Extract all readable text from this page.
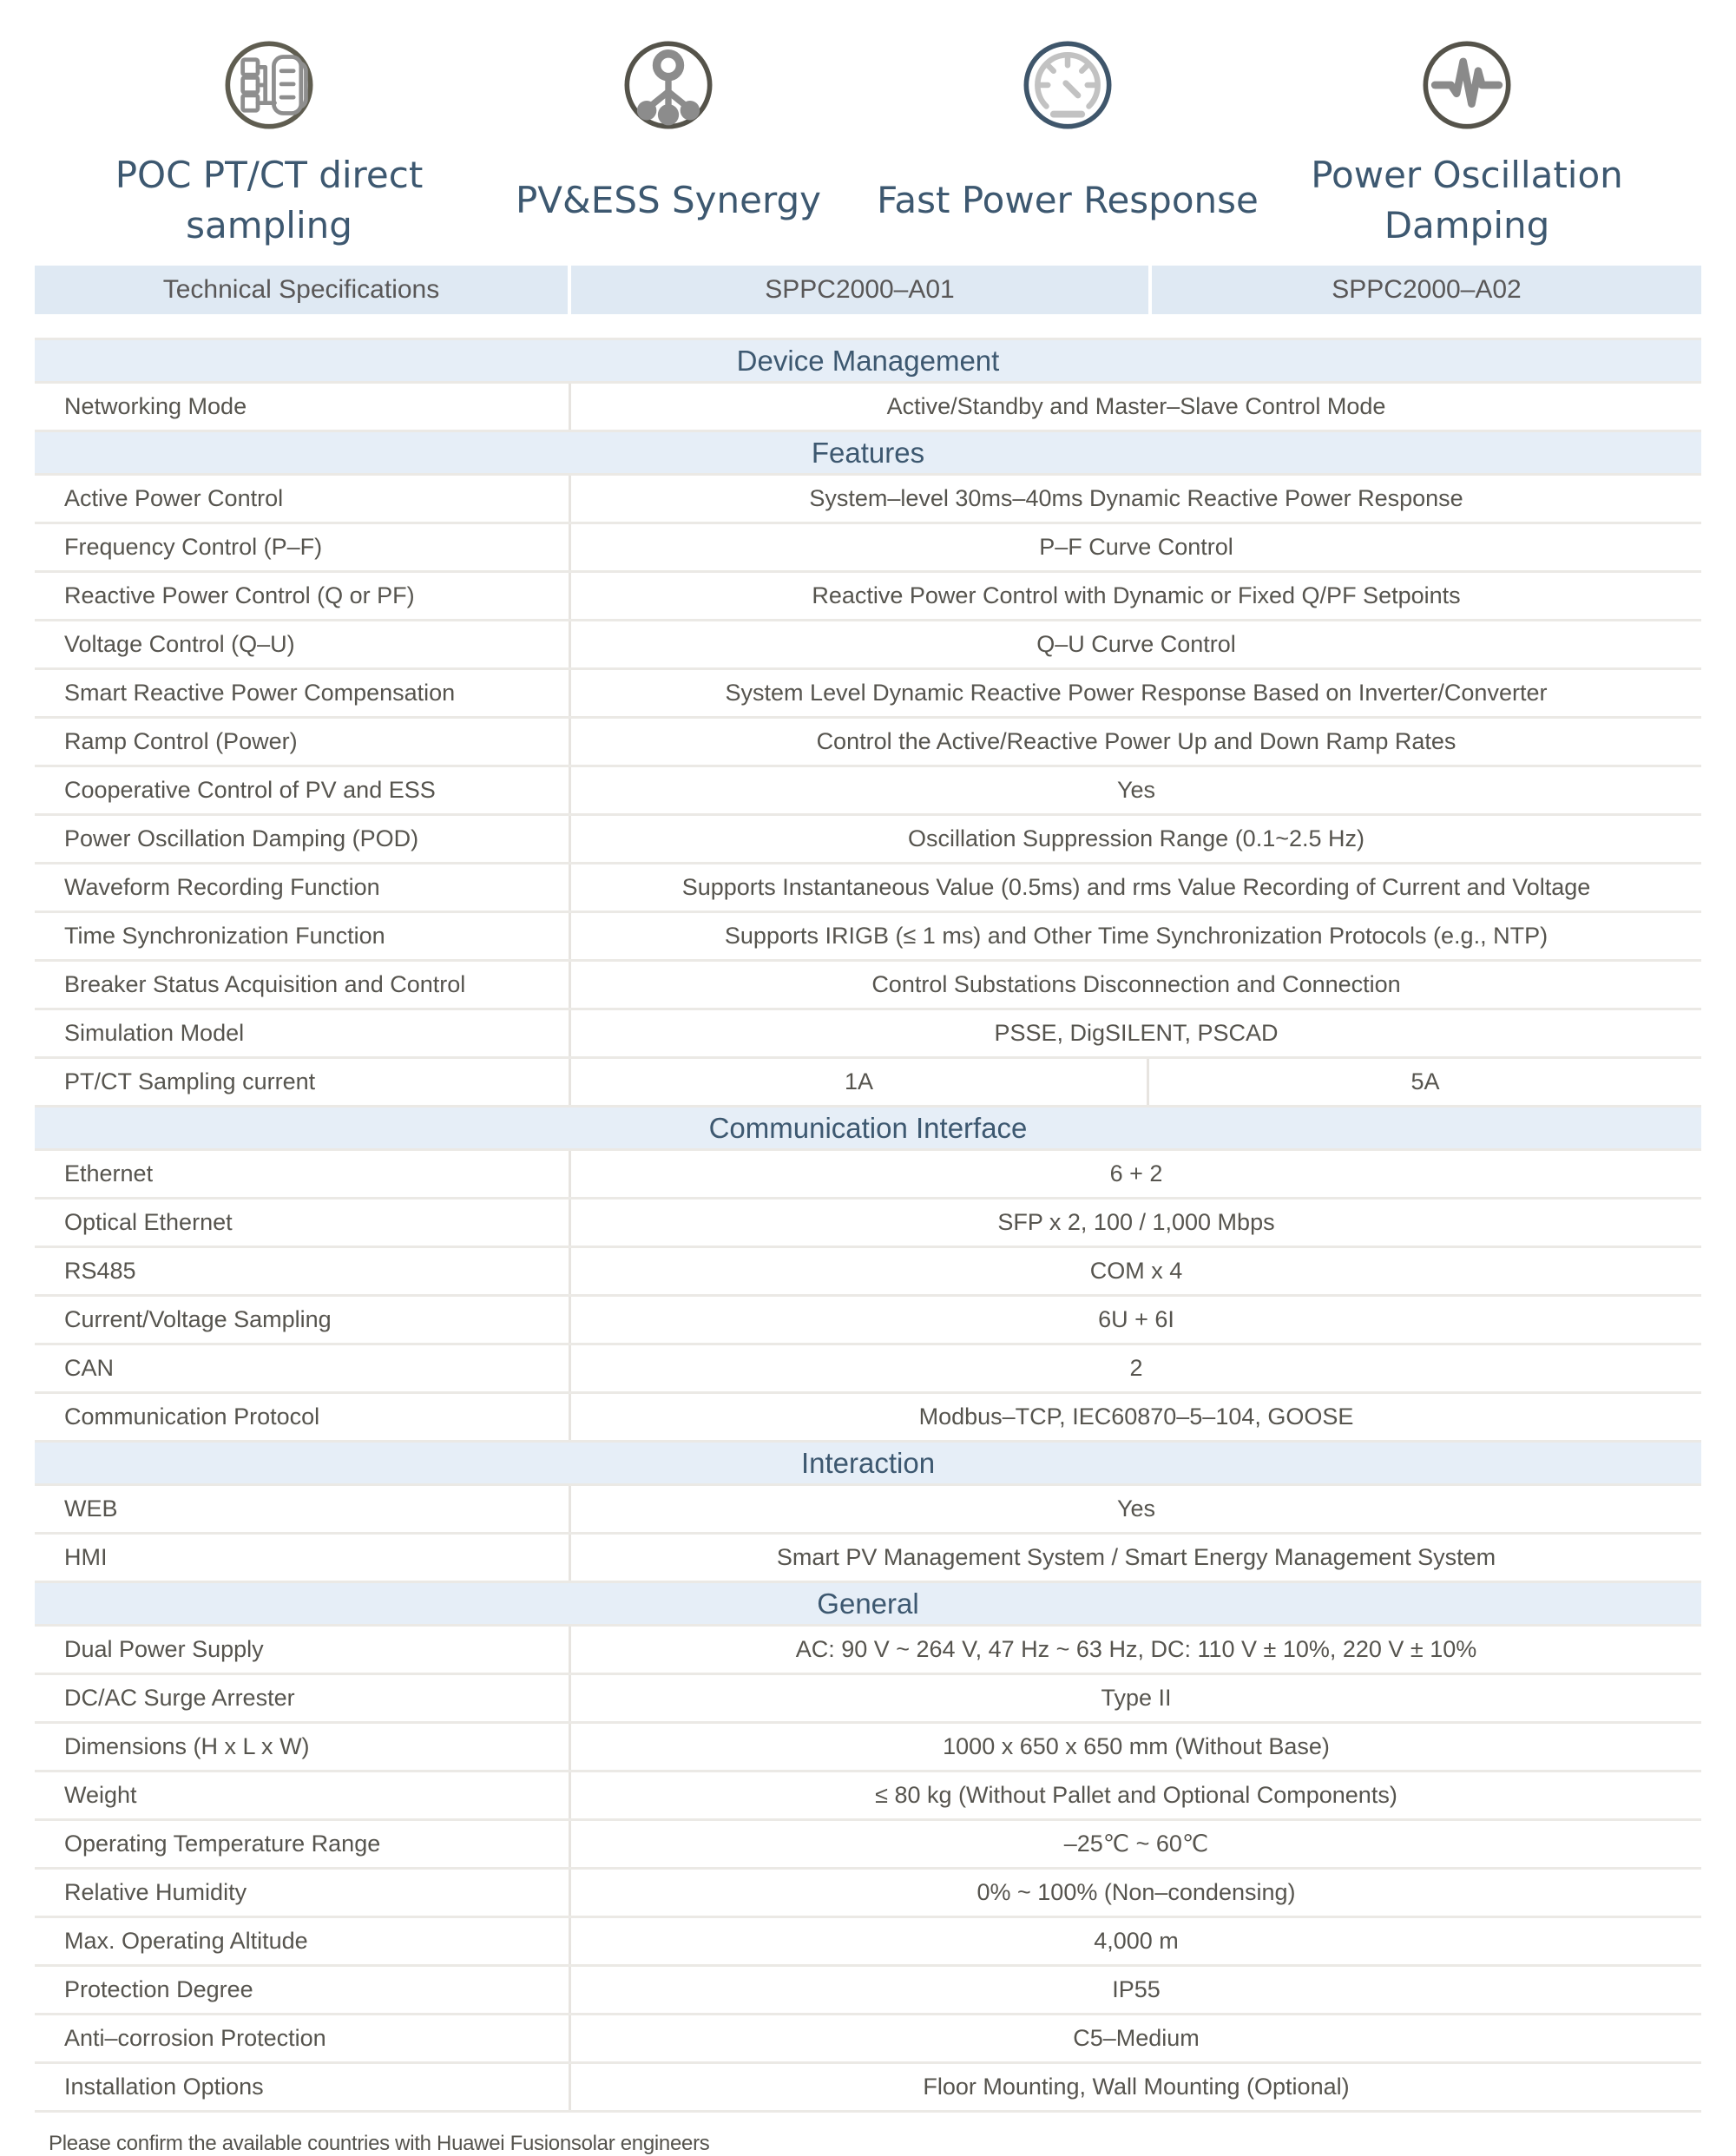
POC PT/CT direct sampling
PV&ESS Synergy Fast Power Response
Power Oscillation Damping
Technical Specifications	SPPC2000–A01	SPPC2000–A02
Device Management
Networking Mode	Active/Standby and Master–Slave Control Mode
Features
Active Power Control	System–level 30ms–40ms Dynamic Reactive Power Response
Frequency Control (P–F)	P–F Curve Control
Reactive Power Control (Q or PF)	Reactive Power Control with Dynamic or Fixed Q/PF Setpoints
Voltage Control (Q–U)	Q–U Curve Control
Smart Reactive Power Compensation	System Level Dynamic Reactive Power Response Based on Inverter/Converter
Ramp Control (Power)	Control the Active/Reactive Power Up and Down Ramp Rates
Cooperative Control of PV and ESS	Yes
Power Oscillation Damping (POD)	Oscillation Suppression Range (0.1~2.5 Hz)
Waveform Recording Function	Supports Instantaneous Value (0.5ms) and rms Value Recording of Current and Voltage
Time Synchronization Function	Supports IRIGB (≤ 1 ms) and Other Time Synchronization Protocols (e.g., NTP)
Breaker Status Acquisition and Control	Control Substations Disconnection and Connection
Simulation Model	PSSE, DigSILENT, PSCAD
PT/CT Sampling current	1A	5A
Communication Interface
Ethernet	6 + 2
Optical Ethernet	SFP x 2, 100 / 1,000 Mbps
RS485	COM x 4
Current/Voltage Sampling	6U + 6I
CAN	2
Communication Protocol	Modbus–TCP, IEC60870–5–104, GOOSE
Interaction
WEB	Yes
HMI	Smart PV Management System / Smart Energy Management System
General
Dual Power Supply	AC: 90 V ~ 264 V, 47 Hz ~ 63 Hz, DC: 110 V ± 10%, 220 V ± 10%
DC/AC Surge Arrester	Type II
Dimensions (H x L x W)	1000 x 650 x 650 mm (Without Base)
Weight	≤ 80 kg (Without Pallet and Optional Components)
Operating Temperature Range	–25℃ ~ 60℃
Relative Humidity	0% ~ 100% (Non–condensing)
Max. Operating Altitude	4,000 m
Protection Degree	IP55
Anti–corrosion Protection	C5–Medium
Installation Options	Floor Mounting, Wall Mounting (Optional)
Please confirm the available countries with Huawei Fusionsolar engineers
